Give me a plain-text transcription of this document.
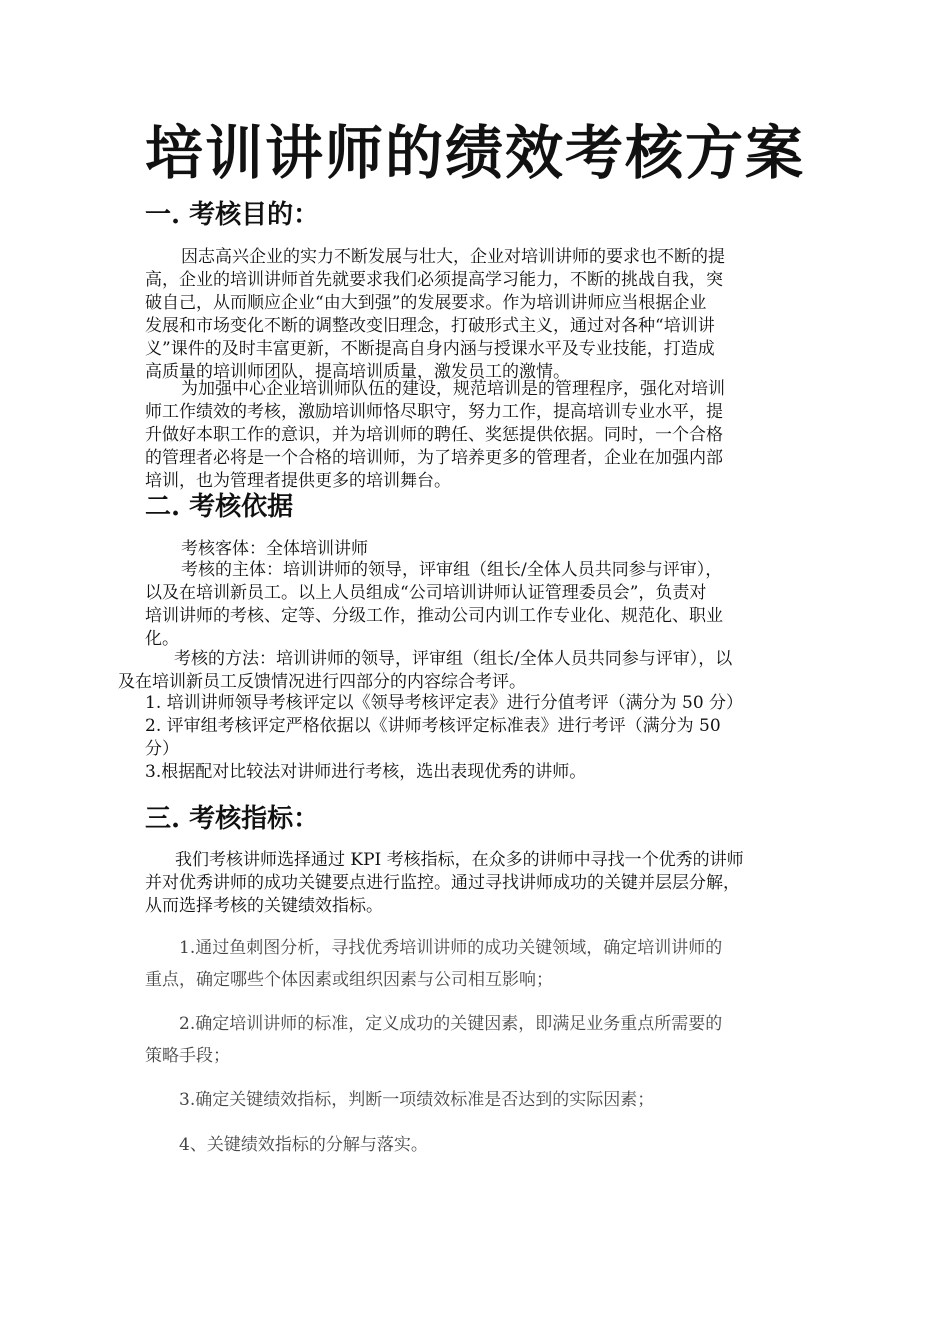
培训讲师的绩效考核方案
一. 考核目的：
因志高兴企业的实力不断发展与壮大，企业对培训讲师的要求也不断的提
高，企业的培训讲师首先就要求我们必须提高学习能力，不断的挑战自我，突
破自己，从而顺应企业“由大到强”的发展要求。作为培训讲师应当根据企业
发展和市场变化不断的调整改变旧理念，打破形式主义，通过对各种“培训讲
义”课件的及时丰富更新，不断提高自身内涵与授课水平及专业技能，打造成
高质量的培训师团队，提高培训质量，激发员工的激情。
为加强中心企业培训师队伍的建设，规范培训是的管理程序，强化对培训
师工作绩效的考核，激励培训师恪尽职守，努力工作，提高培训专业水平，提
升做好本职工作的意识，并为培训师的聘任、奖惩提供依据。同时，一个合格
的管理者必将是一个合格的培训师，为了培养更多的管理者，企业在加强内部
培训，也为管理者提供更多的培训舞台。
二. 考核依据
考核客体：全体培训讲师
考核的主体：培训讲师的领导，评审组（组长/全体人员共同参与评审），
以及在培训新员工。以上人员组成“公司培训讲师认证管理委员会”，负责对
培训讲师的考核、定等、分级工作，推动公司内训工作专业化、规范化、职业
化。
考核的方法：培训讲师的领导，评审组（组长/全体人员共同参与评审），以
及在培训新员工反馈情况进行四部分的内容综合考评。
1. 培训讲师领导考核评定以《领导考核评定表》进行分值考评（满分为 50 分）
2. 评审组考核评定严格依据以《讲师考核评定标准表》进行考评（满分为 50
分）
3.根据配对比较法对讲师进行考核，选出表现优秀的讲师。
三. 考核指标：
我们考核讲师选择通过 KPI 考核指标，在众多的讲师中寻找一个优秀的讲师
并对优秀讲师的成功关键要点进行监控。通过寻找讲师成功的关键并层层分解，
从而选择考核的关键绩效指标。
1.通过鱼刺图分析，寻找优秀培训讲师的成功关键领域，确定培训讲师的
重点，确定哪些个体因素或组织因素与公司相互影响；
2.确定培训讲师的标准，定义成功的关键因素，即满足业务重点所需要的
策略手段；
3.确定关键绩效指标，判断一项绩效标准是否达到的实际因素；
4、关键绩效指标的分解与落实。
